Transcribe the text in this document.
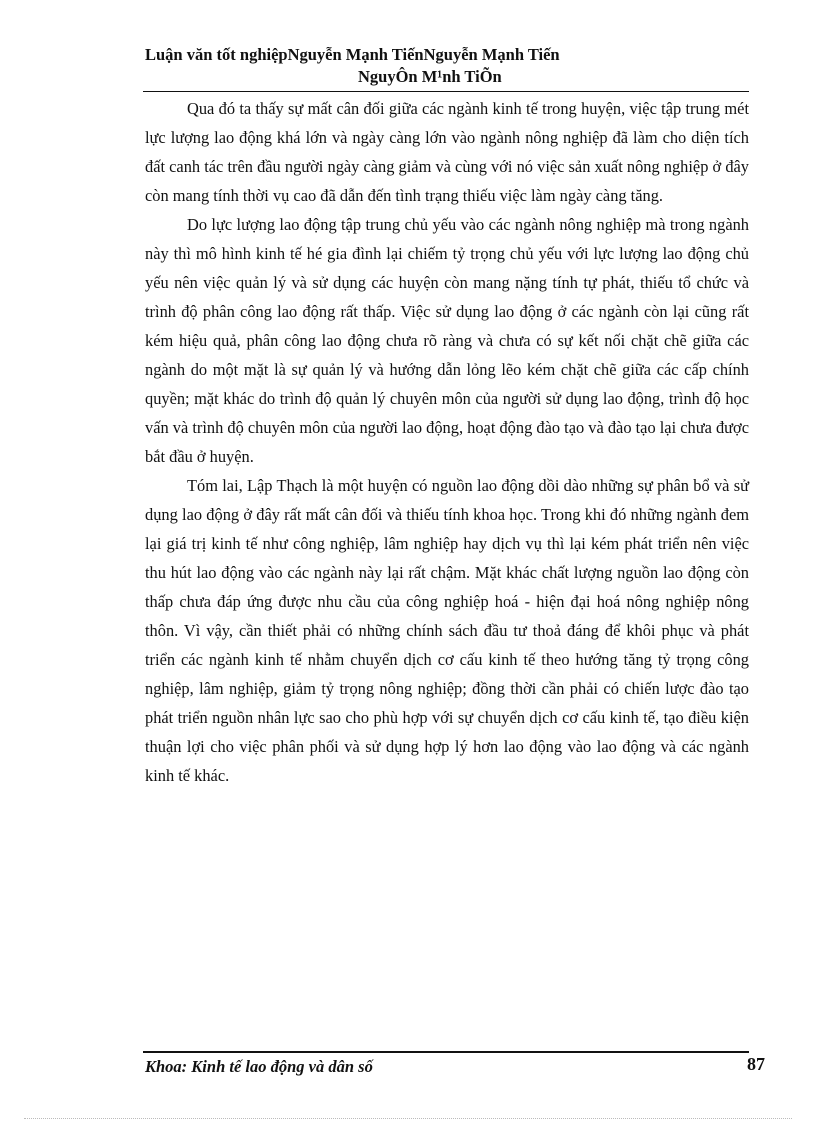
Luận văn tốt nghiệpNguyễn Mạnh TiếnNguyễn Mạnh Tiến
NguyÔn M¹nh TiÕn

Qua đó ta thấy sự mất cân đối giữa các ngành kinh tế trong huyện, việc tập trung mét lực lượng lao động khá lớn và ngày càng lớn vào ngành nông nghiệp đã làm cho diện tích đất canh tác trên đầu người ngày càng giảm và cùng với nó việc sản xuất nông nghiệp ở đây còn mang tính thời vụ cao đã dẫn đến tình trạng thiếu việc làm ngày càng tăng.

Do lực lượng lao động tập trung chủ yếu vào các ngành nông nghiệp mà trong ngành này thì mô hình kinh tế hé gia đình lại chiếm tỷ trọng chủ yếu với lực lượng lao động chủ yếu nên việc quản lý và sử dụng các huyện còn mang nặng tính tự phát, thiếu tổ chức và trình độ phân công lao động rất thấp. Việc sử dụng lao động ở các ngành còn lại cũng rất kém hiệu quả, phân công lao động chưa rõ ràng và chưa có sự kết nối chặt chẽ giữa các ngành do một mặt là sự quản lý và hướng dẫn lỏng lẽo kém chặt chẽ giữa các cấp chính quyền; mặt khác do trình độ quản lý chuyên môn của người sử dụng lao động, trình độ học vấn và trình độ chuyên môn của người lao động, hoạt động đào tạo và đào tạo lại chưa được bắt đầu ở huyện.

Tóm lai, Lập Thạch là một huyện có nguồn lao động dồi dào những sự phân bổ và sử dụng lao động ở đây rất mất cân đối và thiếu tính khoa học. Trong khi đó những ngành đem lại giá trị kinh tế như công nghiệp, lâm nghiệp hay dịch vụ thì lại kém phát triển nên việc thu hút lao động vào các ngành này lại rất chậm. Mặt khác chất lượng nguồn lao động còn thấp chưa đáp ứng được nhu cầu của công nghiệp hoá - hiện đại hoá nông nghiệp nông thôn. Vì vậy, cần thiết phải có những chính sách đầu tư thoả đáng để khôi phục và phát triển các ngành kinh tế nhằm chuyển dịch cơ cấu kinh tế theo hướng tăng tỷ trọng công nghiệp, lâm nghiệp, giảm tỷ trọng nông nghiệp; đồng thời cần phải có chiến lược đào tạo phát triển nguồn nhân lực sao cho phù hợp với sự chuyển dịch cơ cấu kinh tế, tạo điều kiện thuận lợi cho việc phân phối và sử dụng hợp lý hơn lao động vào lao động và các ngành kinh tế khác.

Khoa: Kinh tế lao động và dân số	87
